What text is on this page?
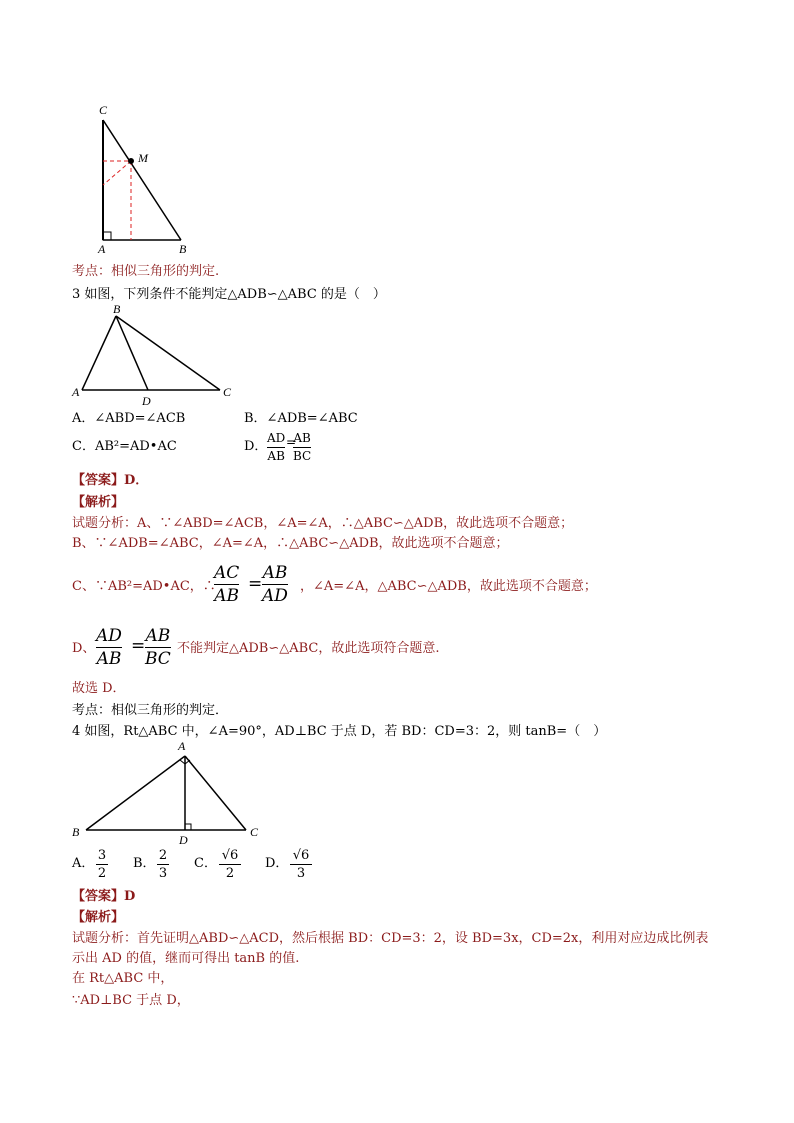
C
M
A	B
考点：相似三角形的判定.
3 如图，下列条件不能判定△ADB∽△ABC 的是（　）
B
A
D
C
A．∠ABD=∠ACB	B．∠ADB=∠ABC
C．AB²=AD•AC	D．
AD
AB
=
AB
BC
【答案】D．
【解析】
试题分析：A、∵∠ABD=∠ACB，∠A=∠A，∴△ABC∽△ADB，故此选项不合题意；
B、∵∠ADB=∠ABC，∠A=∠A，∴△ABC∽△ADB，故此选项不合题意；
C、∵AB²=AD•AC，∴
AC
AB
=
AB
AD ，∠A=∠A，△ABC∽△ADB，故此选项不合题意；
D、
AD
AB
= AB
BC
不能判定△ADB∽△ABC，故此选项符合题意.
故选 D．
考点：相似三角形的判定．
4 如图，Rt△ABC 中，∠A=90°，AD⊥BC 于点 D，若 BD：CD=3：2，则 tanB=（　）
A
B
D
C
A．
3
2
B．
2
3
C．
√6
2
D．
√6
3
【答案】D
【解析】
试题分析：首先证明△ABD∽△ACD，然后根据 BD：CD=3：2，设 BD=3x，CD=2x，利用对应边成比例表
示出 AD 的值，继而可得出 tanB 的值.
在 Rt△ABC 中，
∵AD⊥BC 于点 D，
